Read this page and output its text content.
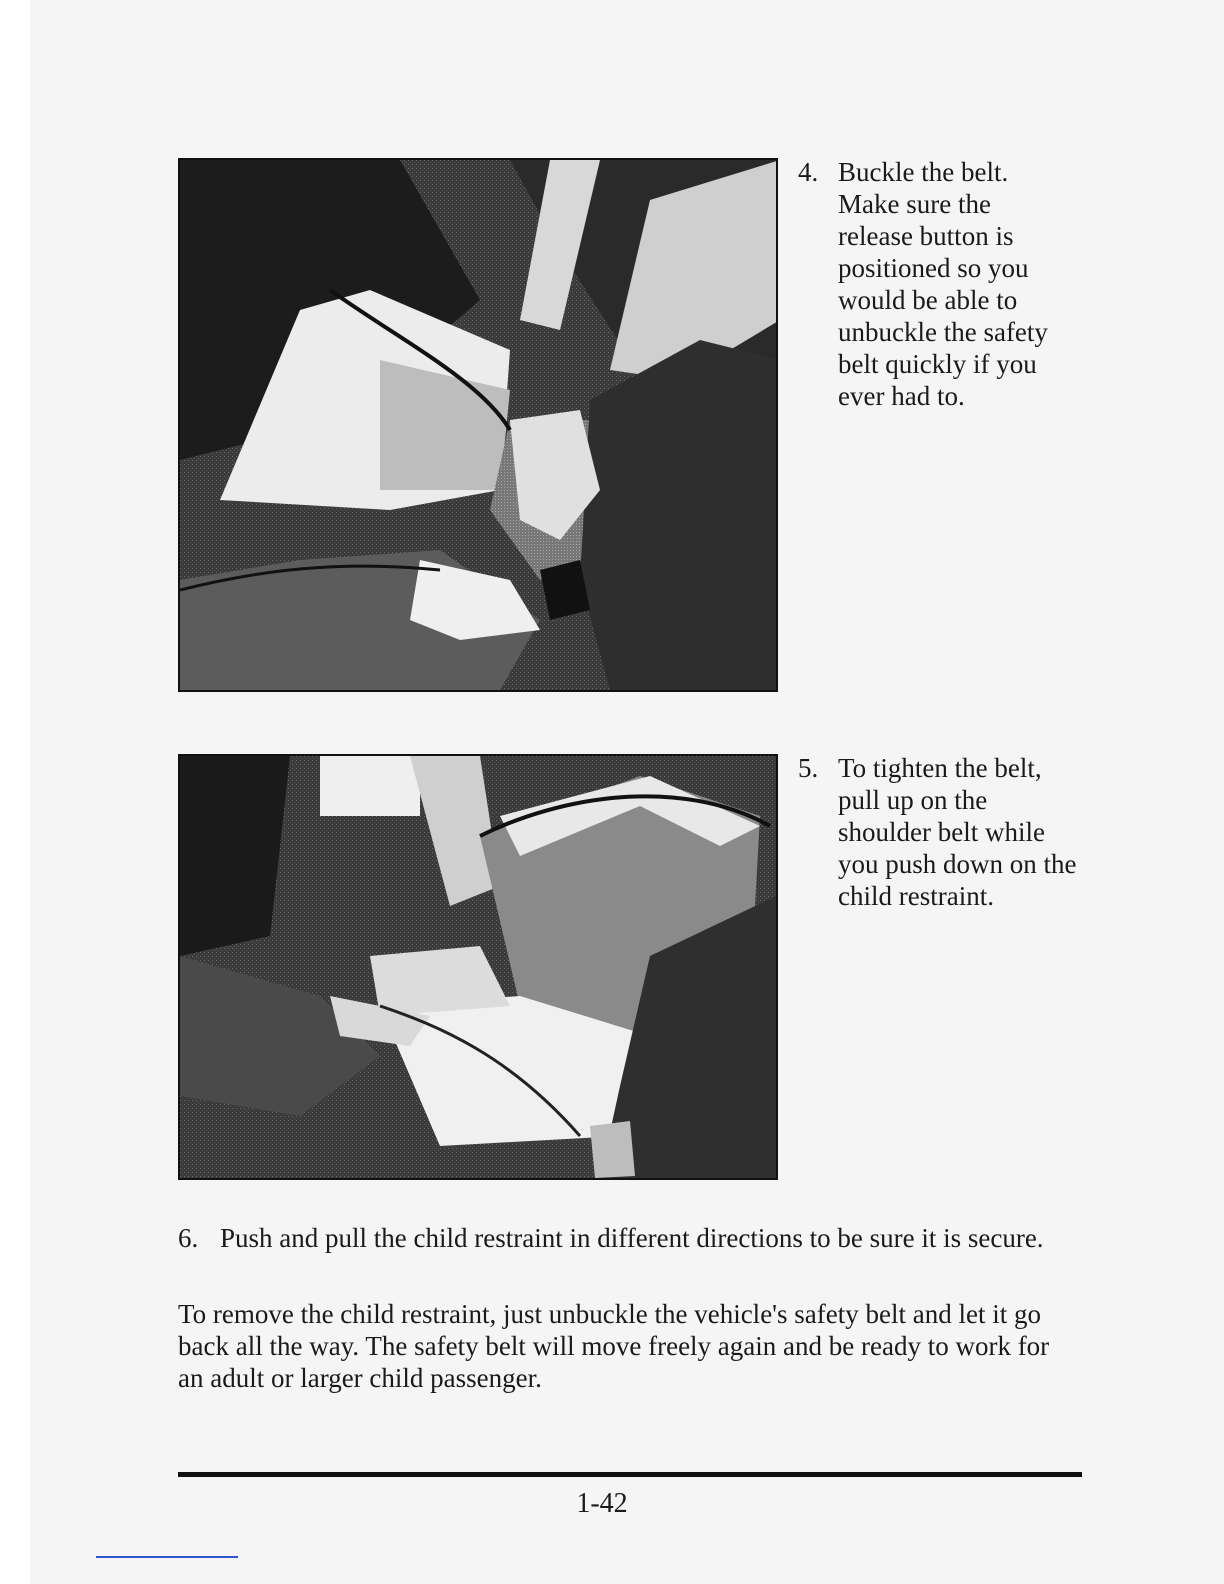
4. Buckle the belt. Make sure the release button is positioned so you would be able to unbuckle the safety belt quickly if you ever had to.
5. To tighten the belt, pull up on the shoulder belt while you push down on the child restraint.
6. Push and pull the child restraint in different directions to be sure it is secure.

To remove the child restraint, just unbuckle the vehicle's safety belt and let it go back all the way. The safety belt will move freely again and be ready to work for an adult or larger child passenger.

1-42
